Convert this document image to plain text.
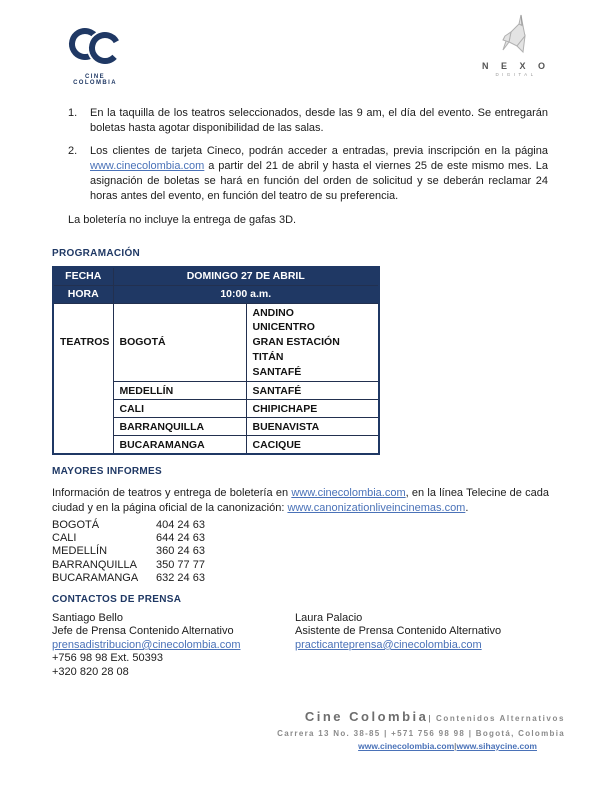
CINE COLOMBIA
N E X O
DIGITAL
1.	En la taquilla de los teatros seleccionados, desde las 9 am, el día del evento. Se entregarán boletas hasta agotar disponibilidad de las salas.
2.	Los clientes de tarjeta Cineco, podrán acceder a entradas, previa inscripción en la página www.cinecolombia.com a partir del 21 de abril y hasta el viernes 25 de este mismo mes. La asignación de boletas se hará en función del orden de solicitud y se deberán reclamar 24 horas antes del evento, en función del teatro de su preferencia.
La boletería no incluye la entrega de gafas 3D.
PROGRAMACIÓN
FECHA	DOMINGO 27 DE ABRIL	
HORA	10:00 a.m.	
TEATROS	BOGOTÁ	ANDINO
UNICENTRO
GRAN ESTACIÓN
TITÁN
SANTAFÉ

	MEDELLÍN	SANTAFÉ
	CALI	CHIPICHAPE
	BARRANQUILLA	BUENAVISTA
	BUCARAMANGA	CACIQUE
MAYORES INFORMES
Información de teatros y entrega de boletería en www.cinecolombia.com, en la línea Telecine de cada ciudad y en la página oficial de la canonización: www.canonizationliveincinemas.com.
BOGOTÁ	404 24 63
CALI	644 24 63
MEDELLÍN	360 24 63
BARRANQUILLA	350 77 77
BUCARAMANGA	632 24 63
CONTACTOS DE PRENSA
Santiago Bello
Jefe de Prensa Contenido Alternativo
prensadistribucion@cinecolombia.com
+756 98 98 Ext. 50393
+320 820 28 08
Laura Palacio
Asistente de Prensa Contenido Alternativo
practicanteprensa@cinecolombia.com
Cine Colombia| Contenidos Alternativos
Carrera 13 No. 38-85 | +571 756 98 98 | Bogotá, Colombia
www.cinecolombia.com|www.sihaycine.com
